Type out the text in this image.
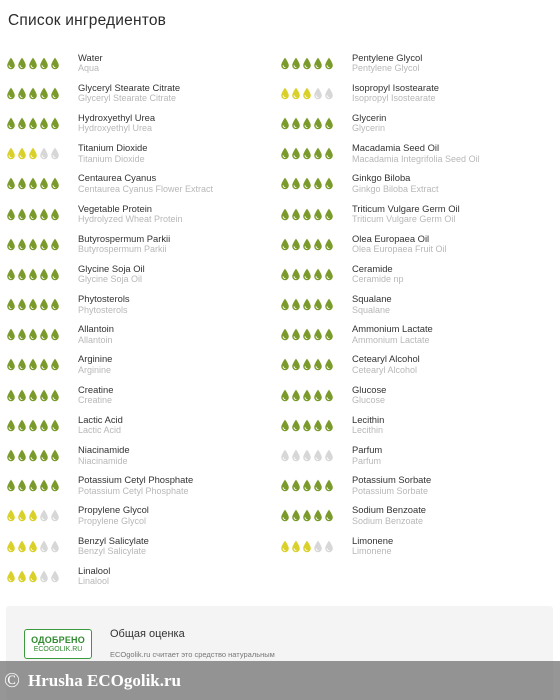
Список ингредиентов
Water
Aqua
Glyceryl Stearate Citrate
Glyceryl Stearate Citrate
Hydroxyethyl Urea
Hydroxyethyl Urea
Titanium Dioxide
Titanium Dioxide
Centaurea Cyanus
Centaurea Cyanus Flower Extract
Vegetable Protein
Hydrolyzed Wheat Protein
Butyrospermum Parkii
Butyrospermum Parkii
Glycine Soja Oil
Glycine Soja Oil
Phytosterols
Phytosterols
Allantoin
Allantoin
Arginine
Arginine
Creatine
Creatine
Lactic Acid
Lactic Acid
Niacinamide
Niacinamide
Potassium Cetyl Phosphate
Potassium Cetyl Phosphate
Propylene Glycol
Propylene Glycol
Benzyl Salicylate
Benzyl Salicylate
Linalool
Linalool
Pentylene Glycol
Pentylene Glycol
Isopropyl Isostearate
Isopropyl Isostearate
Glycerin
Glycerin
Macadamia Seed Oil
Macadamia Integrifolia Seed Oil
Ginkgo Biloba
Ginkgo Biloba Extract
Triticum Vulgare Germ Oil
Triticum Vulgare Germ Oil
Olea Europaea Oil
Olea Europaea Fruit Oil
Ceramide
Ceramide np
Squalane
Squalane
Ammonium Lactate
Ammonium Lactate
Cetearyl Alcohol
Cetearyl Alcohol
Glucose
Glucose
Lecithin
Lecithin
Parfum
Parfum
Potassium Sorbate
Potassium Sorbate
Sodium Benzoate
Sodium Benzoate
Limonene
Limonene
ОДОБРЕНО
ECOGOLIK.RU
Общая оценка
ECOgolik.ru считает это средство натуральным
© Hrusha ECOgolik.ru
